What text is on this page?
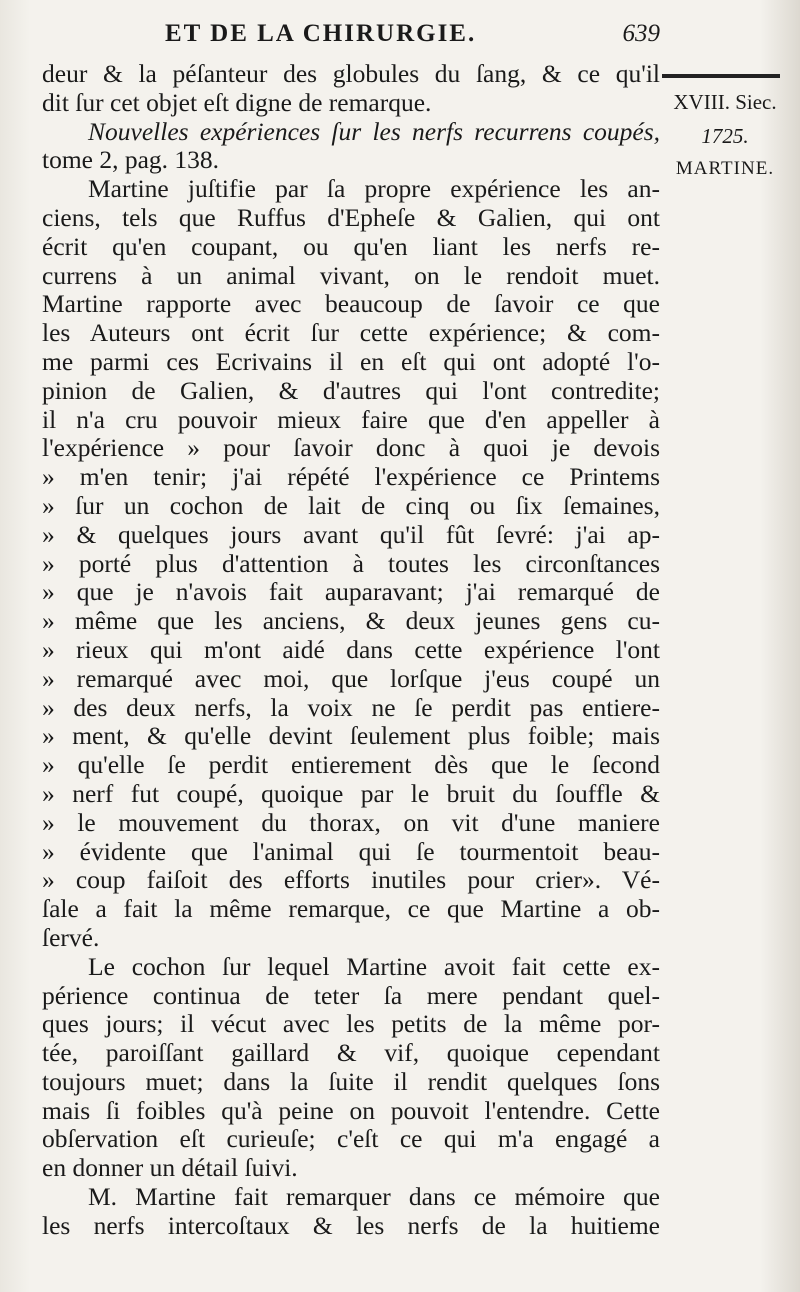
ET DE LA CHIRURGIE.	639
XVIII. Siec.
1725.
MARTINE.
deur & la péſanteur des globules du ſang, & ce qu'il
dit ſur cet objet eſt digne de remarque.
Nouvelles expériences ſur les nerfs recurrens coupés,
tome 2, pag. 138.
Martine juſtifie par ſa propre expérience les an-
ciens, tels que Ruffus d'Epheſe & Galien, qui ont
écrit qu'en coupant, ou qu'en liant les nerfs re-
currens à un animal vivant, on le rendoit muet.
Martine rapporte avec beaucoup de ſavoir ce que
les Auteurs ont écrit ſur cette expérience; & com-
me parmi ces Ecrivains il en eſt qui ont adopté l'o-
pinion de Galien, & d'autres qui l'ont contredite;
il n'a cru pouvoir mieux faire que d'en appeller à
l'expérience » pour ſavoir donc à quoi je devois
» m'en tenir; j'ai répété l'expérience ce Printems
» ſur un cochon de lait de cinq ou ſix ſemaines,
» & quelques jours avant qu'il fût ſevré: j'ai ap-
» porté plus d'attention à toutes les circonſtances
» que je n'avois fait auparavant; j'ai remarqué de
» même que les anciens, & deux jeunes gens cu-
» rieux qui m'ont aidé dans cette expérience l'ont
» remarqué avec moi, que lorſque j'eus coupé un
» des deux nerfs, la voix ne ſe perdit pas entiere-
» ment, & qu'elle devint ſeulement plus foible; mais
» qu'elle ſe perdit entierement dès que le ſecond
» nerf fut coupé, quoique par le bruit du ſouffle &
» le mouvement du thorax, on vit d'une maniere
» évidente que l'animal qui ſe tourmentoit beau-
» coup faiſoit des efforts inutiles pour crier». Vé-
ſale a fait la même remarque, ce que Martine a ob-
ſervé.
Le cochon ſur lequel Martine avoit fait cette ex-
périence continua de teter ſa mere pendant quel-
ques jours; il vécut avec les petits de la même por-
tée, paroiſſant gaillard & vif, quoique cependant
toujours muet; dans la ſuite il rendit quelques ſons
mais ſi foibles qu'à peine on pouvoit l'entendre. Cette
obſervation eſt curieuſe; c'eſt ce qui m'a engagé a
en donner un détail ſuivi.
M. Martine fait remarquer dans ce mémoire que
les nerfs intercoſtaux & les nerfs de la huitieme
